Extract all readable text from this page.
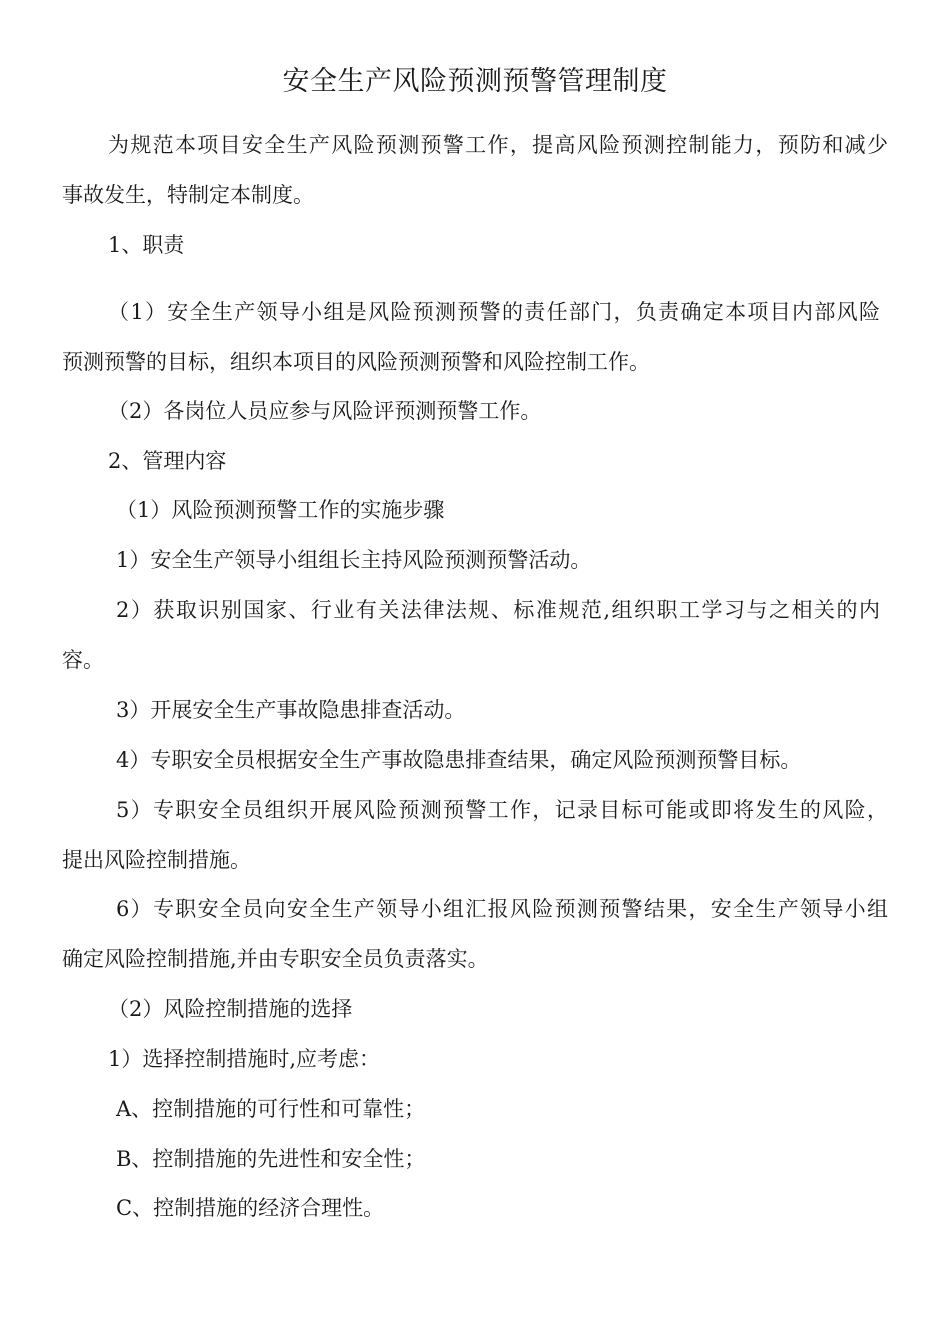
安全生产风险预测预警管理制度
为规范本项目安全生产风险预测预警工作，提高风险预测控制能力，预防和减少
事故发生，特制定本制度。
1、职责
（1）安全生产领导小组是风险预测预警的责任部门，负责确定本项目内部风险
预测预警的目标，组织本项目的风险预测预警和风险控制工作。
（2）各岗位人员应参与风险评预测预警工作。
2、管理内容
（1）风险预测预警工作的实施步骤
1）安全生产领导小组组长主持风险预测预警活动。
2）获取识别国家、行业有关法律法规、标准规范,组织职工学习与之相关的内
容。
3）开展安全生产事故隐患排查活动。
4）专职安全员根据安全生产事故隐患排查结果，确定风险预测预警目标。
5）专职安全员组织开展风险预测预警工作，记录目标可能或即将发生的风险，
提出风险控制措施。
6）专职安全员向安全生产领导小组汇报风险预测预警结果，安全生产领导小组
确定风险控制措施,并由专职安全员负责落实。
（2）风险控制措施的选择
1）选择控制措施时,应考虑：
A、控制措施的可行性和可靠性；
B、控制措施的先进性和安全性；
C、控制措施的经济合理性。
